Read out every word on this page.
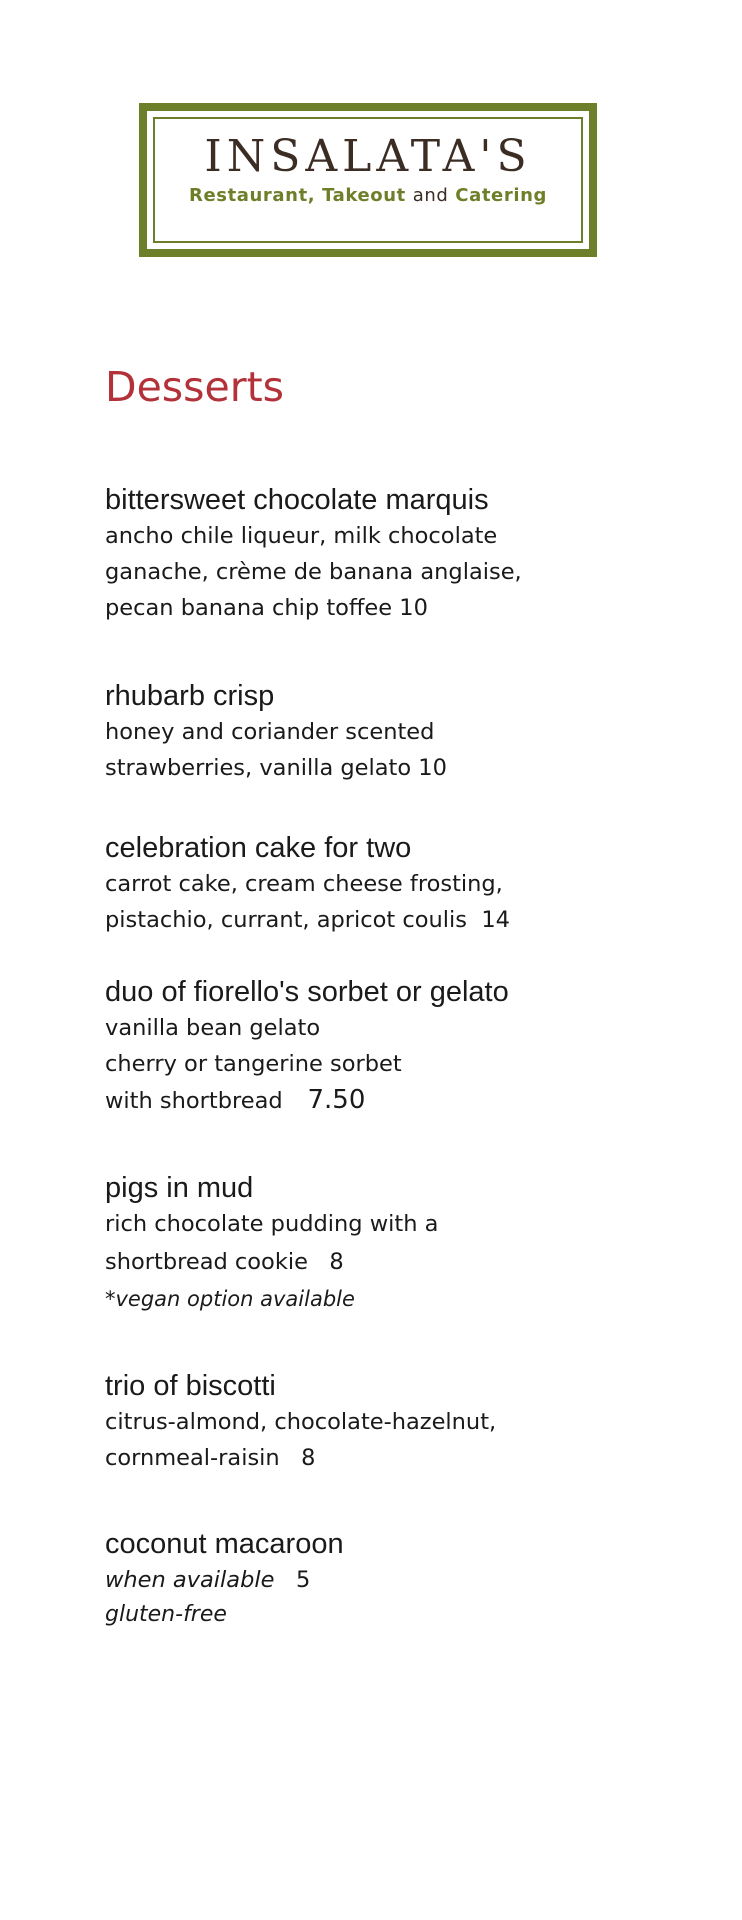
INSALATA'S
Restaurant, Takeout and Catering
Desserts
bittersweet chocolate marquis
ancho chile liqueur, milk chocolate
ganache, crème de banana anglaise,
pecan banana chip toffee 10
rhubarb crisp
honey and coriander scented
strawberries, vanilla gelato 10
celebration cake for two
carrot cake, cream cheese frosting,
pistachio, currant, apricot coulis  14
duo of fiorello's sorbet or gelato
vanilla bean gelato
cherry or tangerine sorbet
with shortbread   7.50
pigs in mud
rich chocolate pudding with a
shortbread cookie   8
*vegan option available
trio of biscotti
citrus-almond, chocolate-hazelnut,
cornmeal-raisin   8
coconut macaroon
when available   5
gluten-free
